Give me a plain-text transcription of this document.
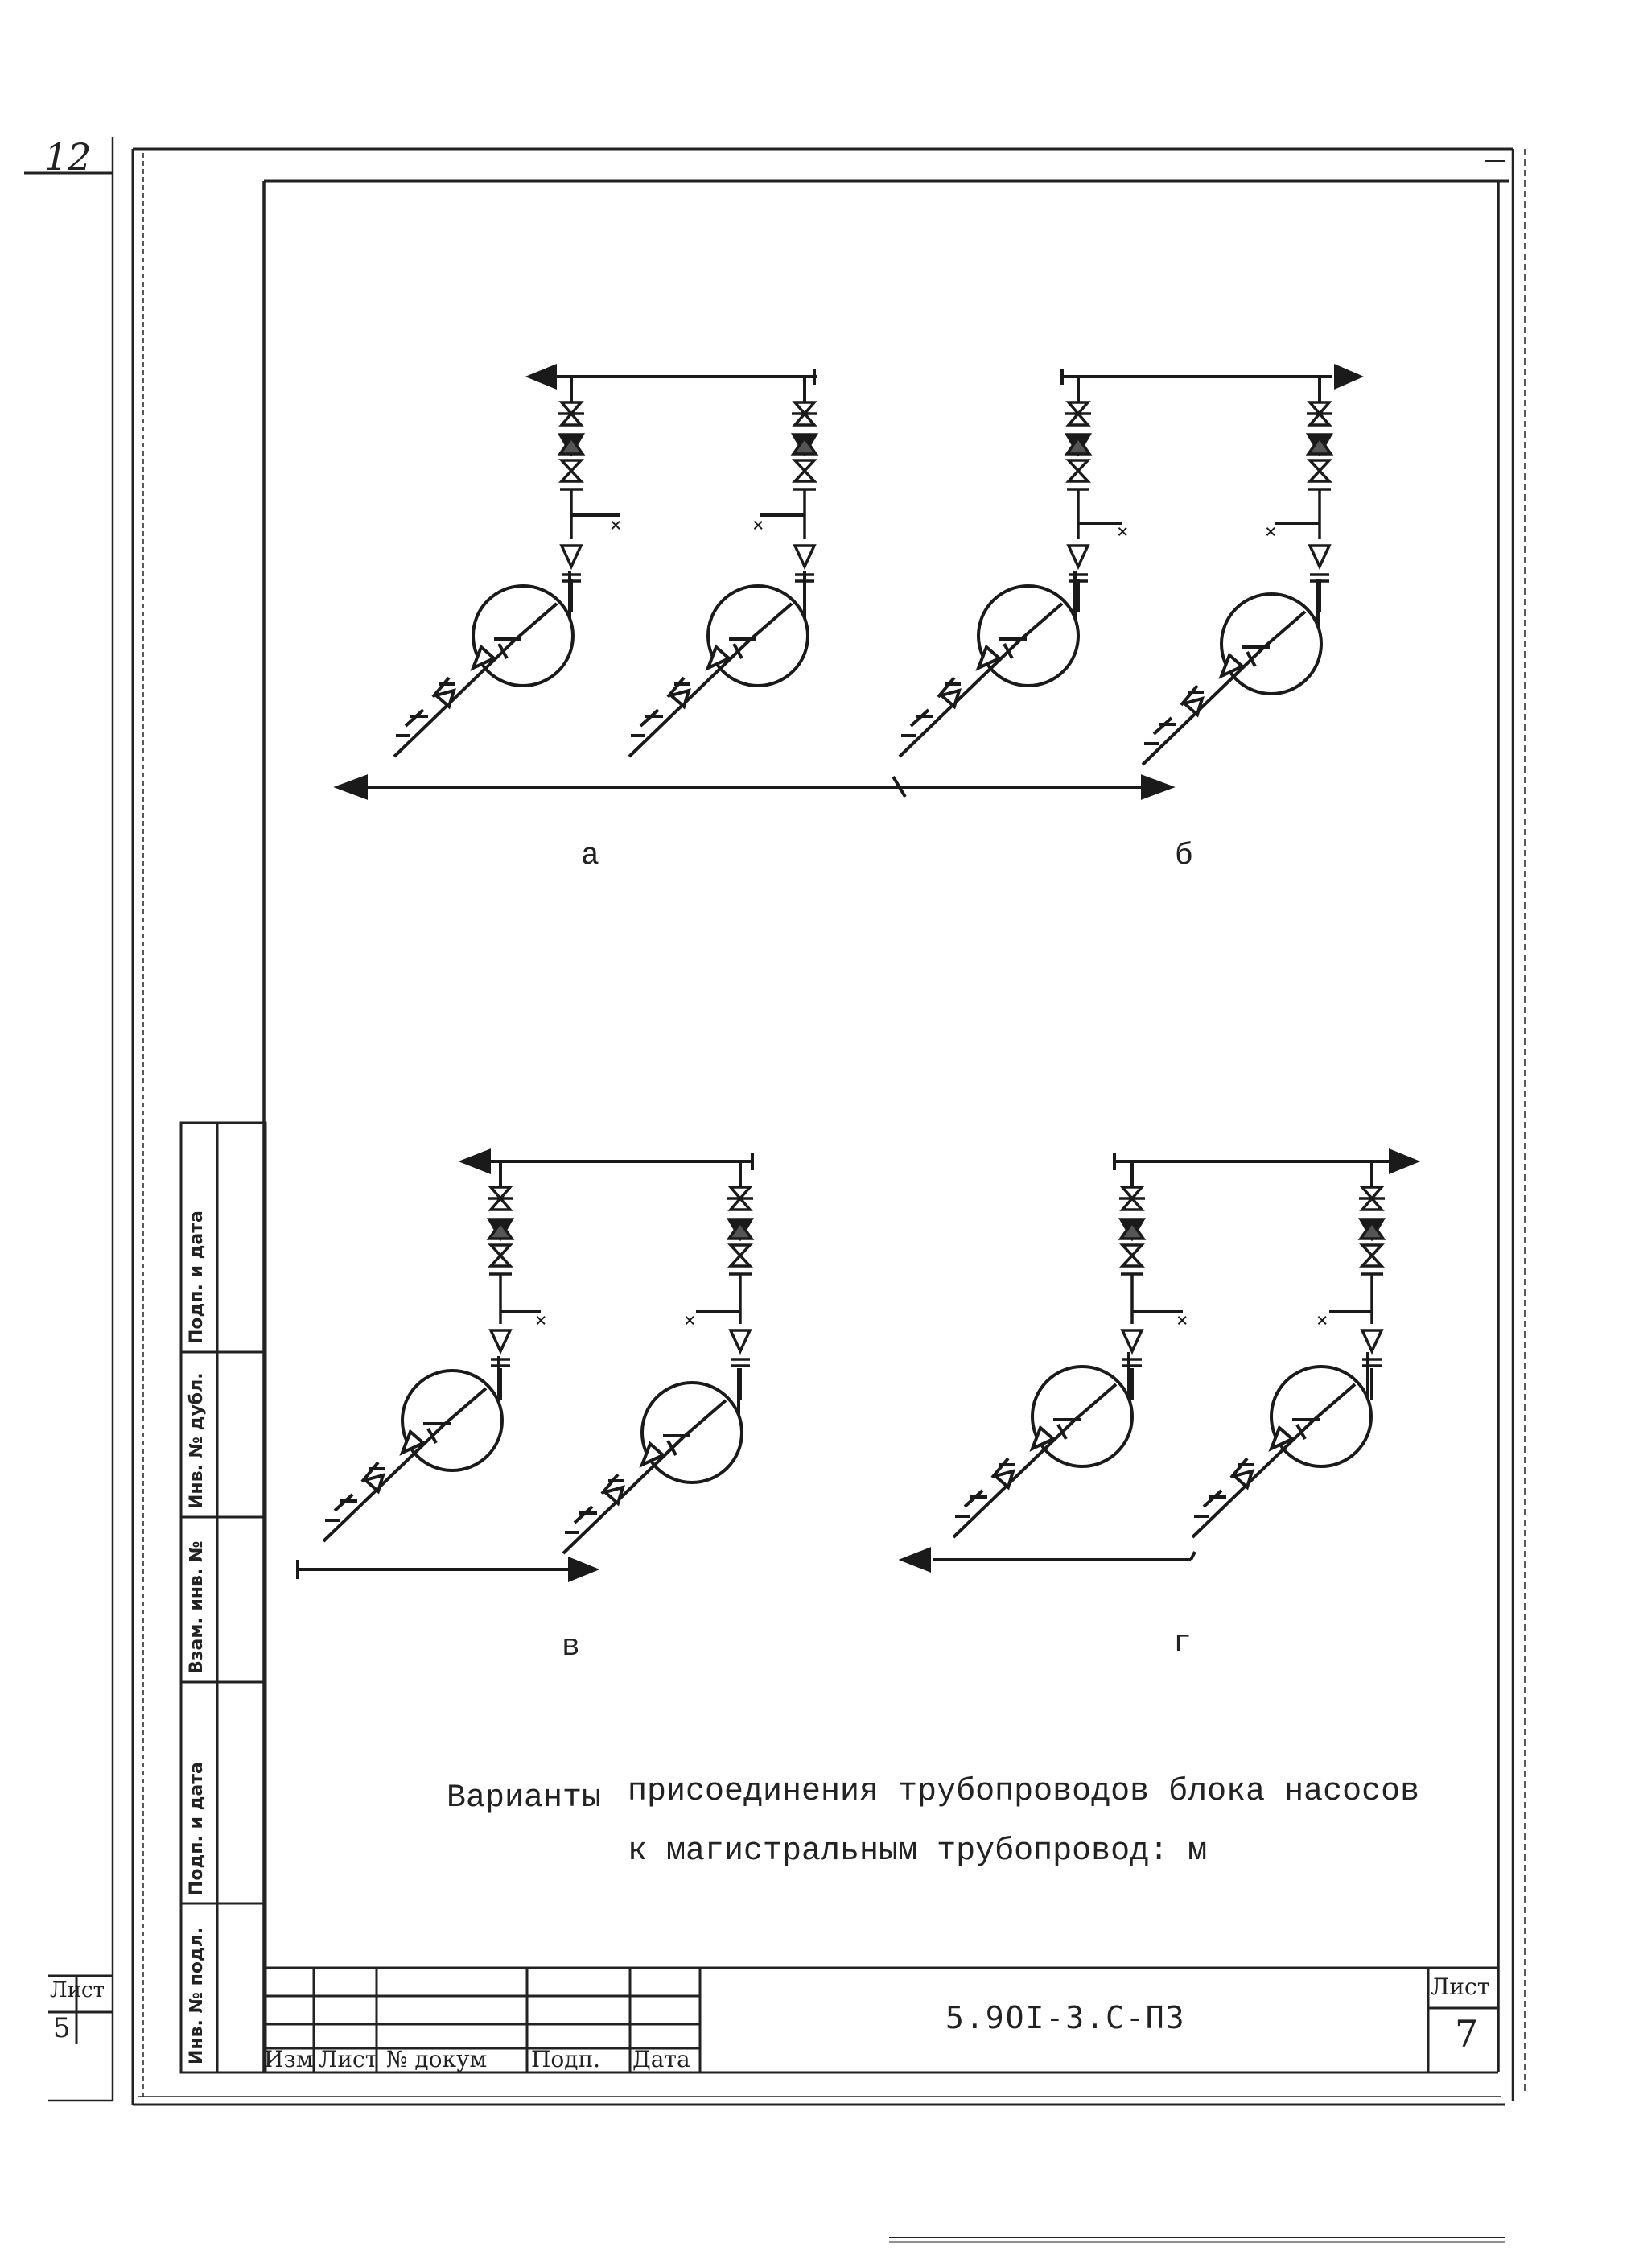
×	×	×	×
×	×	×	×
12
а	б
в	г
Варианты присоединения трубопроводов блока насосов
к магистральным трубопровод: м
5.9ОI-3.С-ПЗ
Лист
7
Изм Лист № докум Подп. Дата
Подп. и дата
Инв. № дубл.
Взам. инв. №
Подп. и дата
Инв. № подл.
Лист
5
